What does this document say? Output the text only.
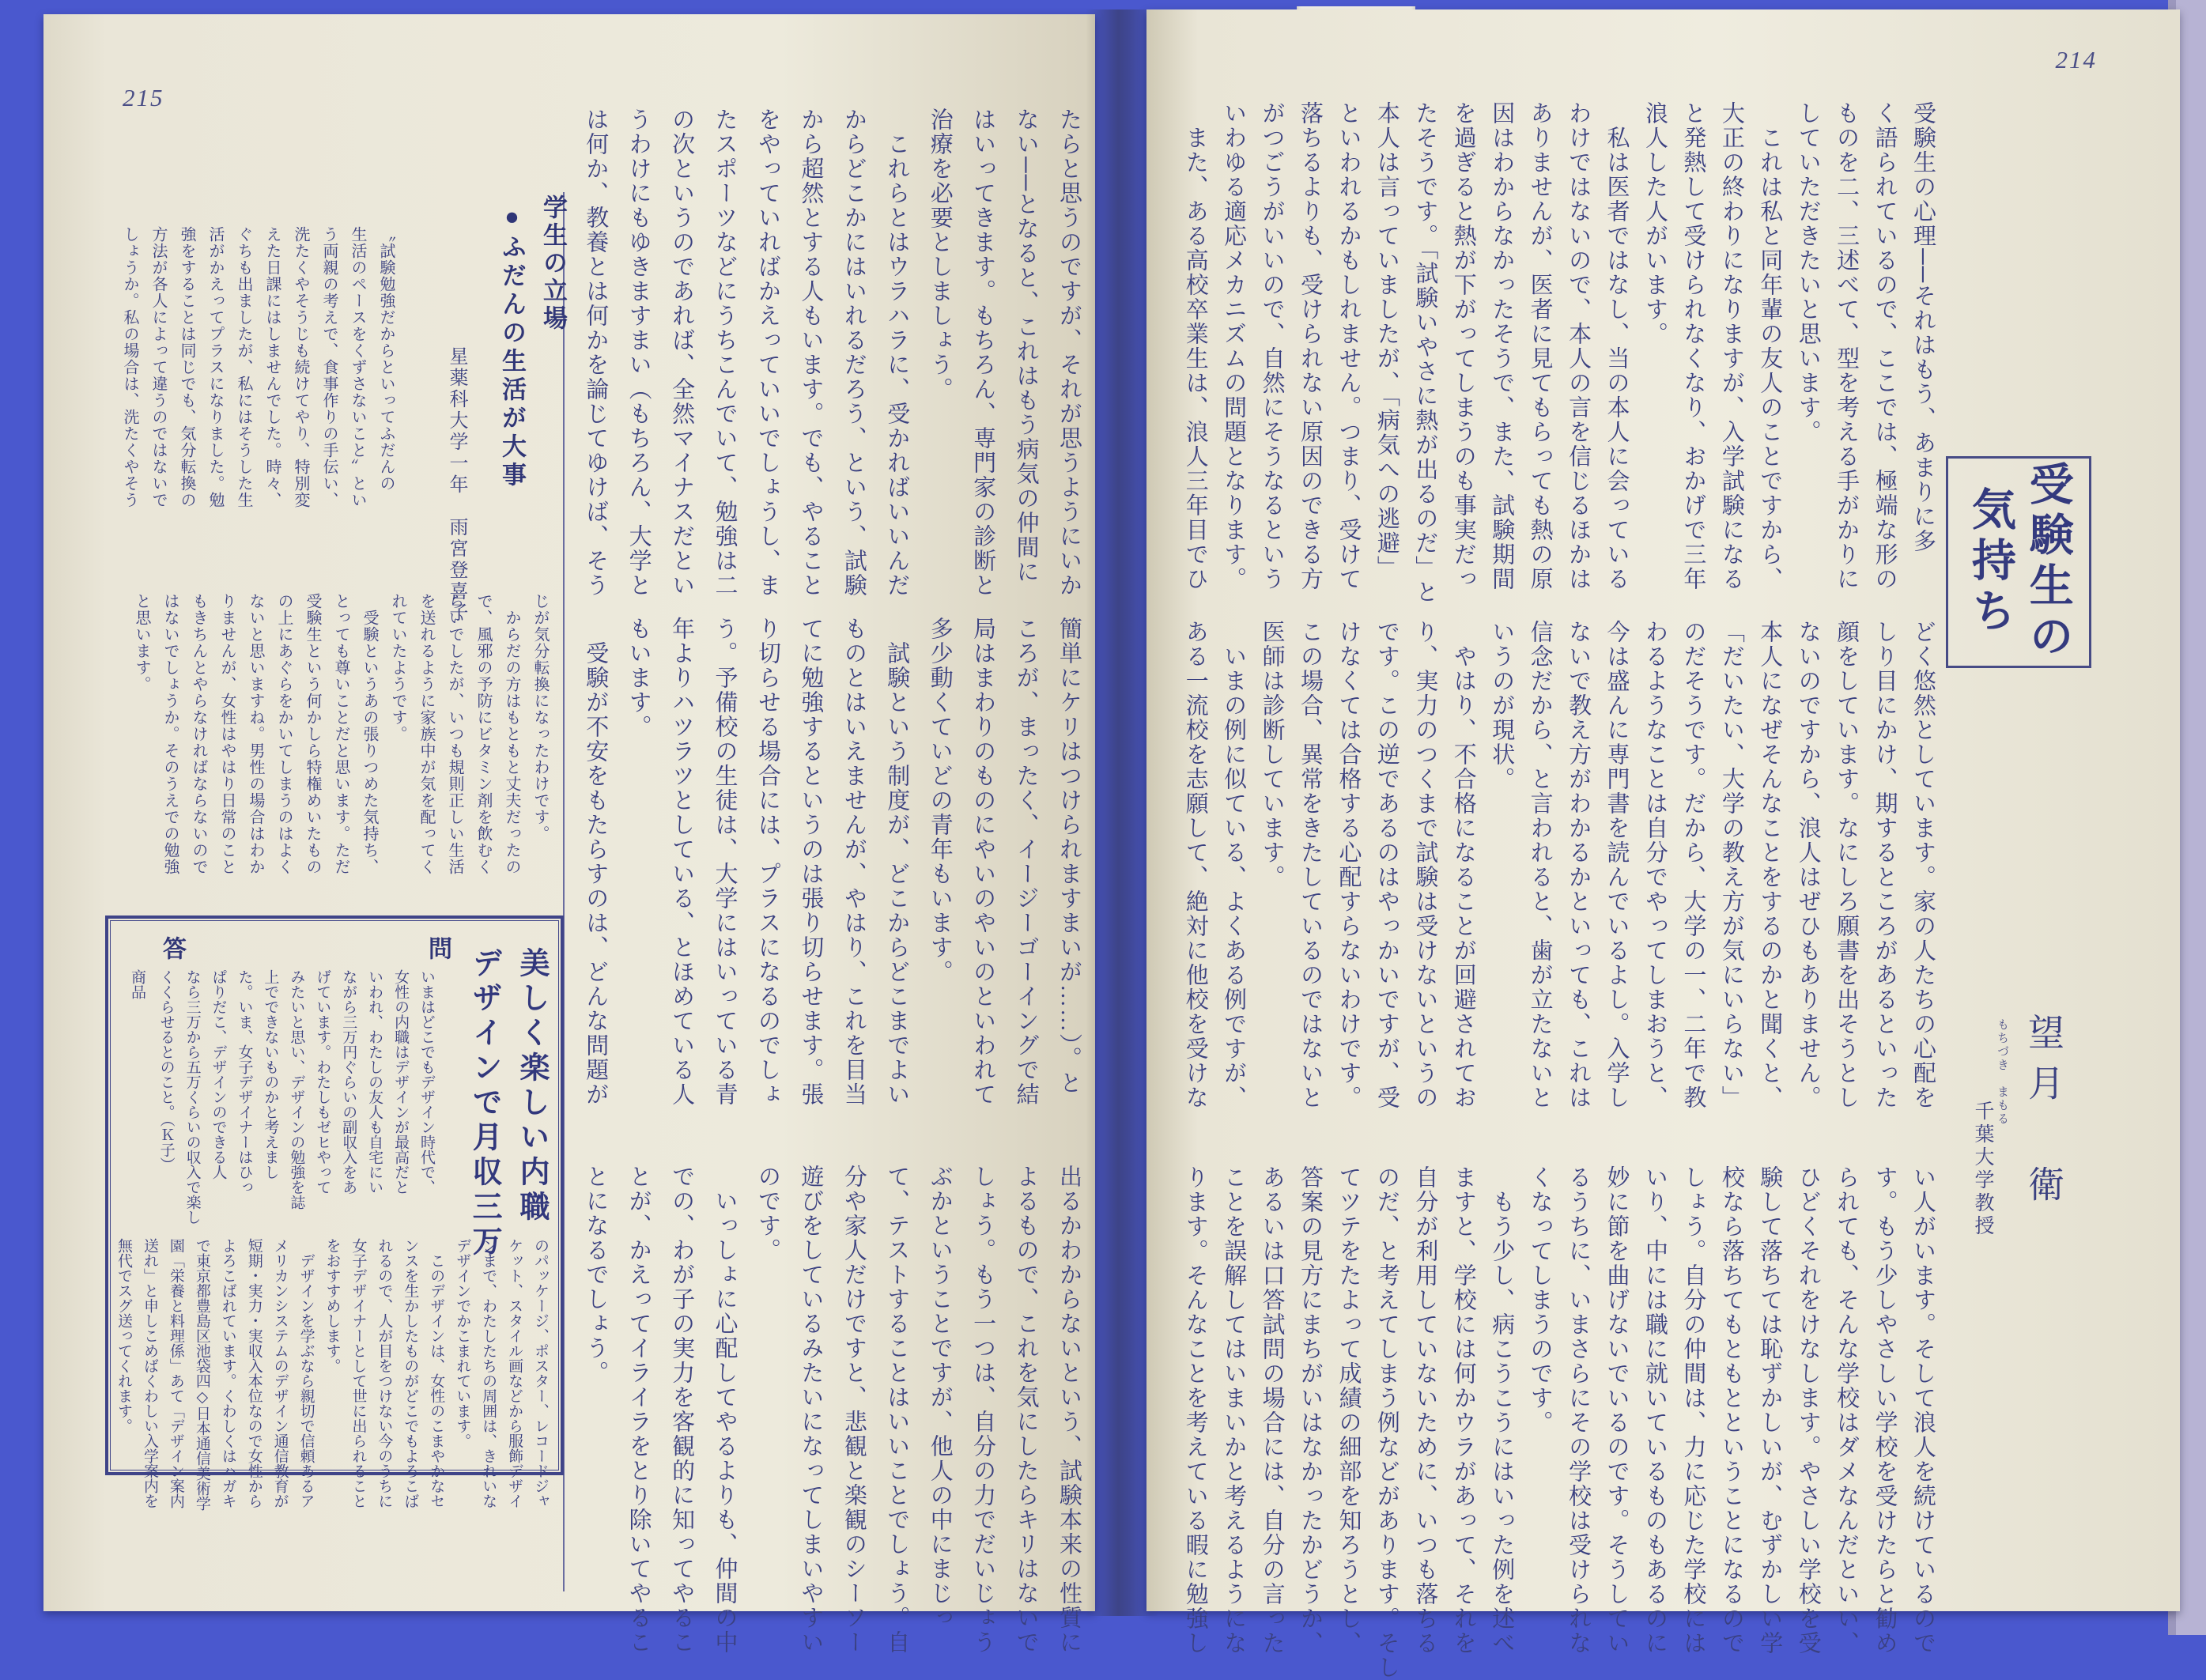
215
たらと思うのですが、それが思うようにいか
ない──となると、これはもう病気の仲間に
はいってきます。もちろん、専門家の診断と
治療を必要としましょう。
　これらとはウラハラに、受かればいいんだ
からどこかにはいれるだろう、という、試験
から超然とする人もいます。でも、やること
をやっていればかえっていいでしょうし、ま
たスポーツなどにうちこんでいて、勉強は二
の次というのであれば、全然マイナスだとい
うわけにもゆきますまい（もちろん、大学と
は何か、教養とは何かを論じてゆけば、そう
簡単にケリはつけられますまいが……）。と
ころが、まったく、イージーゴーイングで結
局はまわりのものにやいのやいのといわれて
多少動くていどの青年もいます。
　試験という制度が、どこからどこまでよい
ものとはいえませんが、やはり、これを目当
てに勉強するというのは張り切らせます。張
り切らせる場合には、プラスになるのでしょ
う。予備校の生徒は、大学にはいっている青
年よりハツラツとしている、とほめている人
もいます。
　受験が不安をもたらすのは、どんな問題が
出るかわからないという、試験本来の性質に
よるもので、これを気にしたらキリはないで
しょう。もう一つは、自分の力でだいじょう
ぶかということですが、他人の中にまじっ
て、テストすることはいいことでしょう。自
分や家人だけですと、悲観と楽観のシーソー
遊びをしているみたいになってしまいやすい
のです。
　いっしょに心配してやるよりも、仲間の中
での、わが子の実力を客観的に知ってやるこ
とが、かえってイライラをとり除いてやるこ
とになるでしょう。
学生の立場
●ふだんの生活が大事
星薬科大学一年　雨宮登喜子
〝試験勉強だからといってふだんの
生活のペースをくずさないこと〟とい
う両親の考えで、食事作りの手伝い、
洗たくやそうじも続けてやり、特別変
えた日課にはしませんでした。時々、
ぐちも出ましたが、私にはそうした生
活がかえってプラスになりました。勉
強をすることは同じでも、気分転換の
方法が各人によって違うのではないで
しょうか。私の場合は、洗たくやそう
じが気分転換になったわけです。
　からだの方はもともと丈夫だったの
で、風邪の予防にビタミン剤を飲むく
らいでしたが、いつも規則正しい生活
を送れるように家族中が気を配ってく
れていたようです。
　受験というあの張りつめた気持ち、
とっても尊いことだと思います。ただ
受験生という何かしら特権めいたもの
の上にあぐらをかいてしまうのはよく
ないと思いますね。男性の場合はわか
りませんが、女性はやはり日常のこと
もきちんとやらなければならないので
はないでしょうか。そのうえでの勉強
と思います。
美しく楽しい内職
デザインで月収三万
問
いまはどこでもデザイン時代で、
女性の内職はデザインが最高だと
いわれ、わたしの友人も自宅にい
ながら三万円ぐらいの副収入をあ
げています。わたしもゼヒやって
みたいと思い、デザインの勉強を誌
上でできないものかと考えまし
た。いま、女子デザイナーはひっ
ぱりだこ、デザインのできる人
なら三万から五万くらいの収入で楽し
くくらせるとのこと。（Ｋ子）
答
商品
のパッケージ、ポスター、レコードジャ
ケット、スタイル画などから服飾デザイ
ンまで、わたしたちの周囲は、きれいな
デザインでかこまれています。
　このデザインは、女性のこまやかなセ
ンスを生かしたものがどこでもよろこば
れるので、人が目をつけない今のうちに
女子デザイナーとして世に出られること
をおすすめします。
　デザインを学ぶなら親切で信頼あるア
メリカンシステムのデザイン通信教育が
短期・実力・実収入本位なので女性から
よろこばれています。くわしくはハガキ
で東京都豊島区池袋四◇日本通信美術学
園「栄養と料理係」あて「デザイン案内
送れ」と申しこめばくわしい入学案内を
無代でスグ送ってくれます。
214
受験生の
気持ち
望月　衛
もちづき　まもる
千葉大学教授
受験生の心理──それはもう、あまりに多
く語られているので、ここでは、極端な形の
ものを二、三述べて、型を考える手がかりに
していただきたいと思います。
　これは私と同年輩の友人のことですから、
大正の終わりになりますが、入学試験になる
と発熱して受けられなくなり、おかげで三年
浪人した人がいます。
　私は医者ではなし、当の本人に会っている
わけではないので、本人の言を信じるほかは
ありませんが、医者に見てもらっても熱の原
因はわからなかったそうで、また、試験期間
を過ぎると熱が下がってしまうのも事実だっ
たそうです。「試験いやさに熱が出るのだ」と
本人は言っていましたが、「病気への逃避」
といわれるかもしれません。つまり、受けて
落ちるよりも、受けられない原因のできる方
がつごうがいいので、自然にそうなるという
いわゆる適応メカニズムの問題となります。
　また、ある高校卒業生は、浪人三年目でひ
どく悠然としています。家の人たちの心配を
しり目にかけ、期するところがあるといった
顔をしています。なにしろ願書を出そうとし
ないのですから、浪人はぜひもありません。
本人になぜそんなことをするのかと聞くと、
「だいたい、大学の教え方が気にいらない」
のだそうです。だから、大学の一、二年で教
わるようなことは自分でやってしまおうと、
今は盛んに専門書を読んでいるよし。入学し
ないで教え方がわかるかといっても、これは
信念だから、と言われると、歯が立たないと
いうのが現状。
　やはり、不合格になることが回避されてお
り、実力のつくまで試験は受けないというの
です。この逆であるのはやっかいですが、受
けなくては合格する心配すらないわけです。
この場合、異常をきたしているのではないと
医師は診断しています。
　いまの例に似ている、よくある例ですが、
ある一流校を志願して、絶対に他校を受けな
い人がいます。そして浪人を続けているので
す。もう少しやさしい学校を受けたらと勧め
られても、そんな学校はダメなんだといい、
ひどくそれをけなします。やさしい学校を受
験して落ちては恥ずかしいが、むずかしい学
校なら落ちてもともとということになるので
しょう。自分の仲間は、力に応じた学校には
いり、中には職に就いているものもあるのに
妙に節を曲げないでいるのです。そうしてい
るうちに、いまさらにその学校は受けられな
くなってしまうのです。
　もう少し、病こうこうにはいった例を述べ
ますと、学校には何かウラがあって、それを
自分が利用していないために、いつも落ちる
のだ、と考えてしまう例などがあります。そし
てツテをたよって成績の細部を知ろうとし、
答案の見方にまちがいはなかったかどうか、
あるいは口答試問の場合には、自分の言った
ことを誤解してはいまいかと考えるようにな
ります。そんなことを考えている暇に勉強し
